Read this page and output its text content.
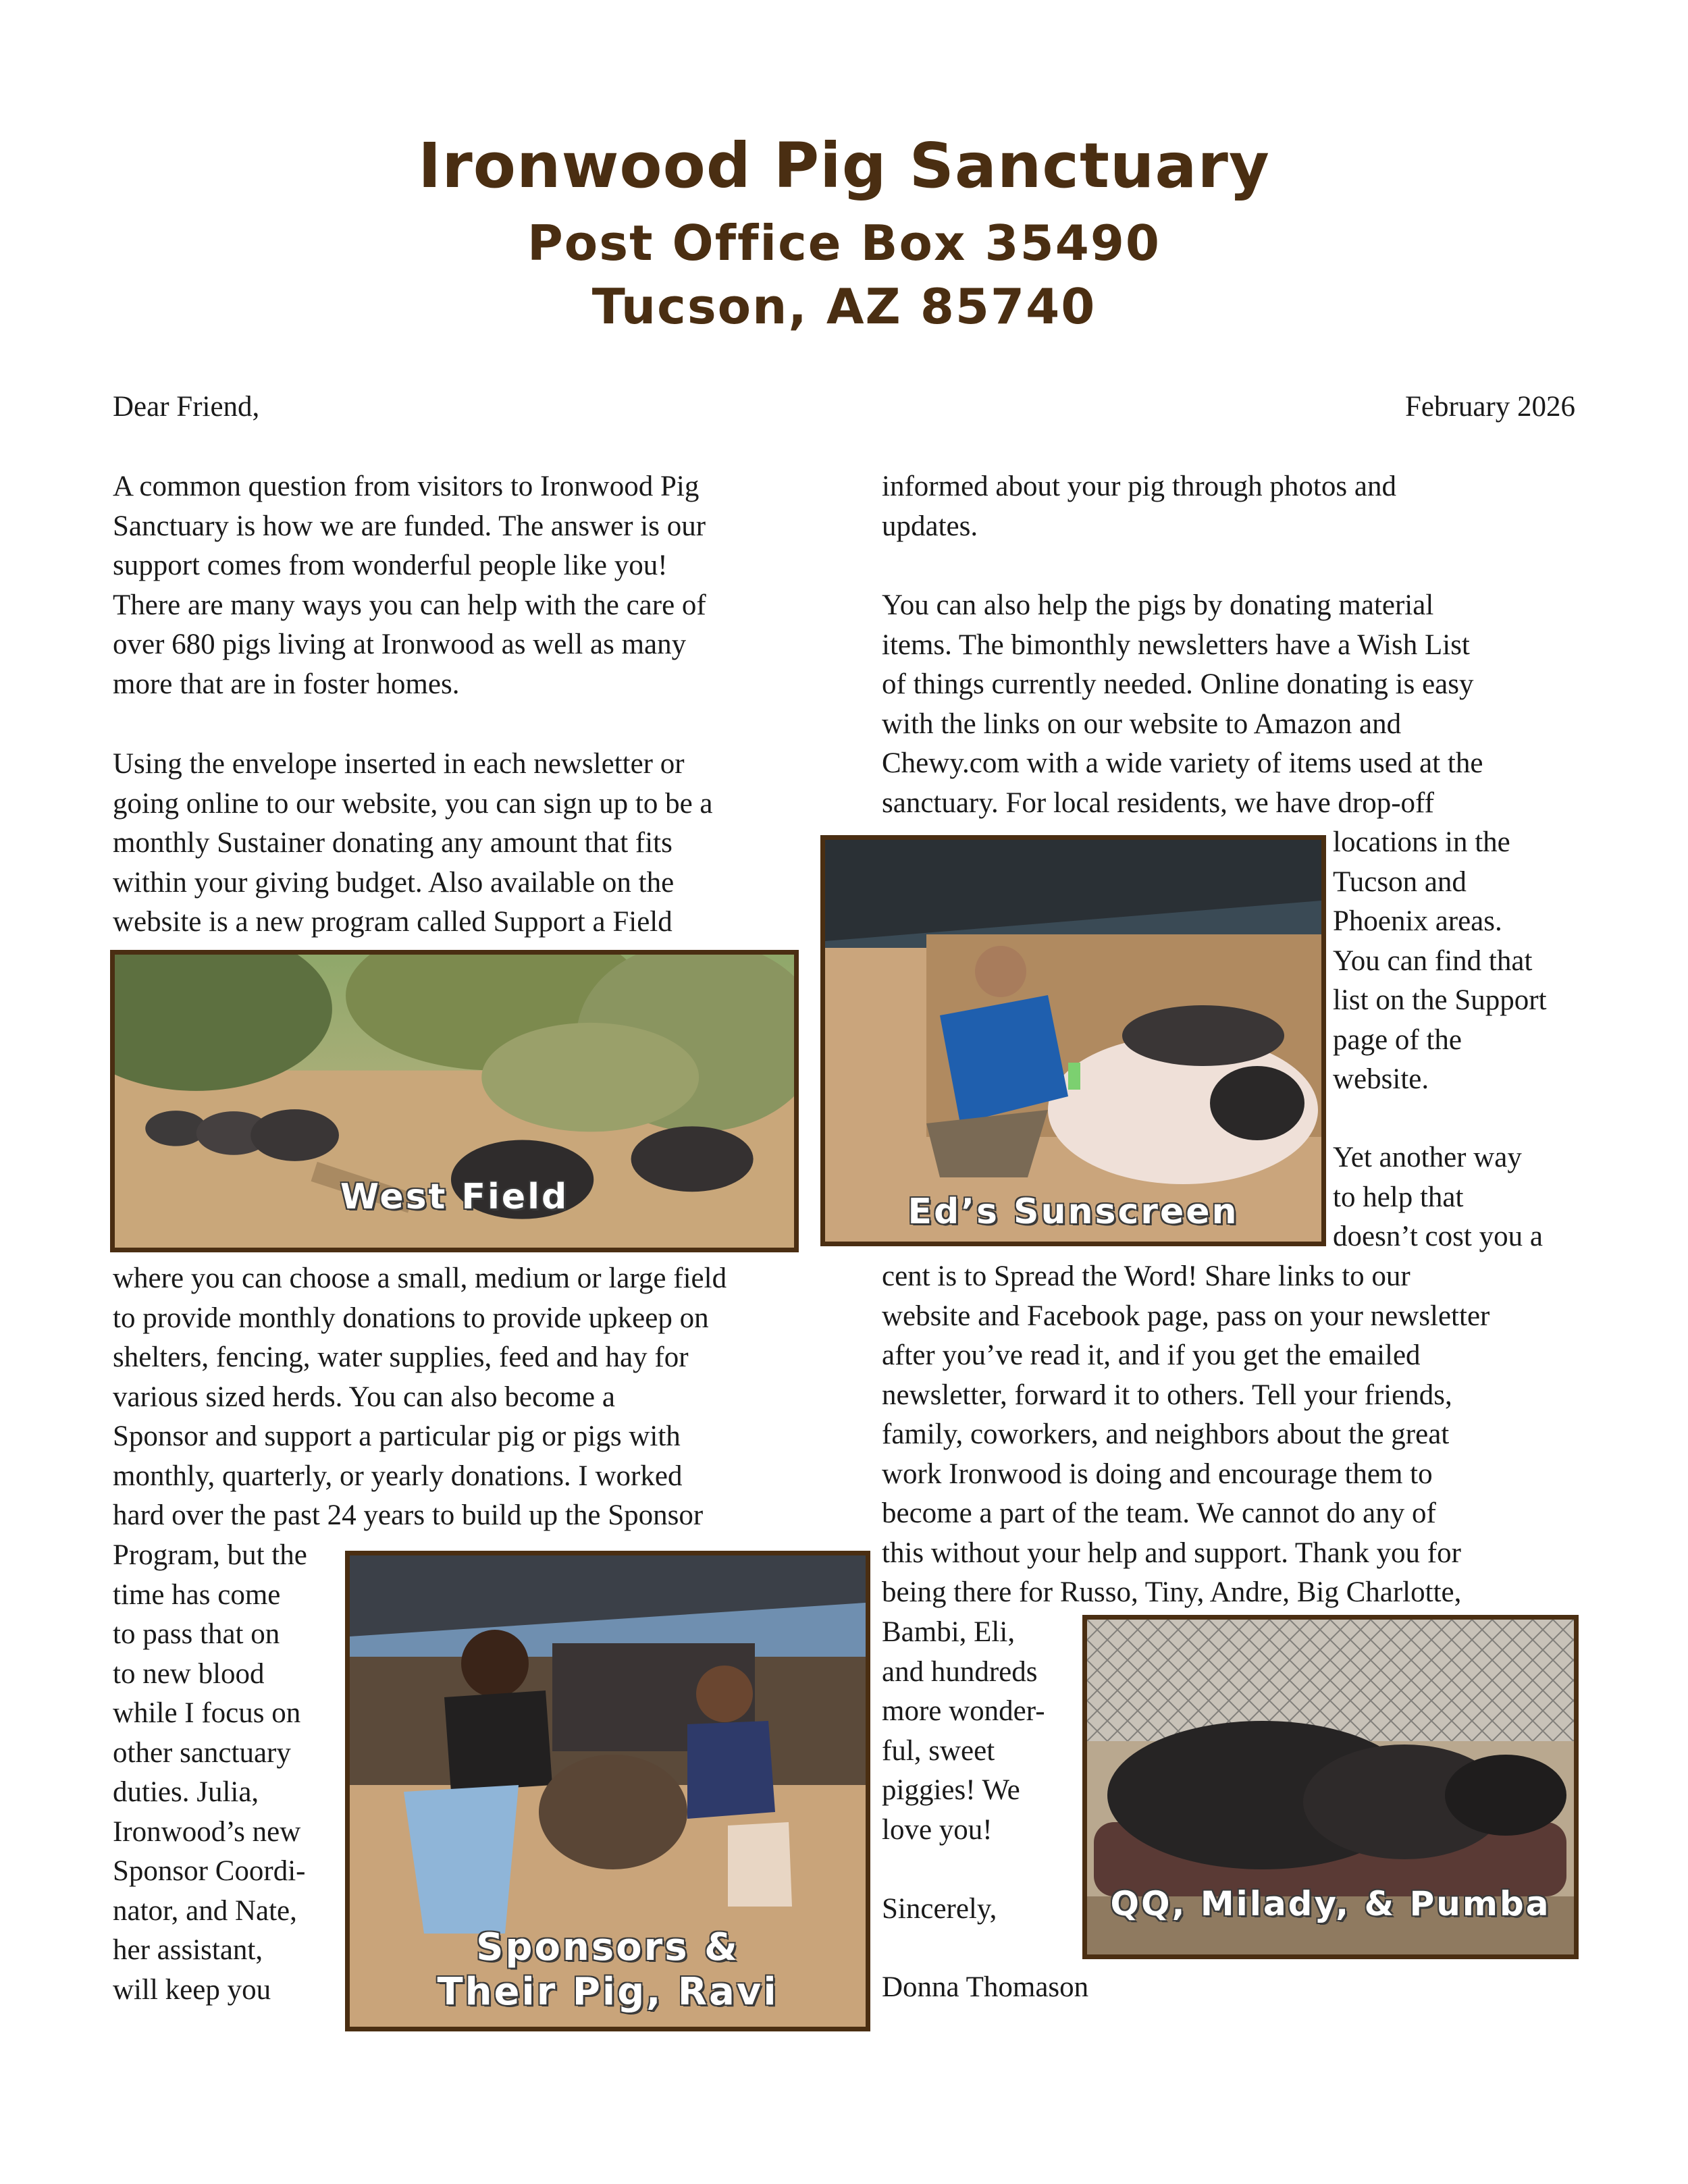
Ironwood Pig Sanctuary
Post Office Box 35490
Tucson, AZ 85740
Dear Friend,	February 2026
A common question from visitors to Ironwood Pig
Sanctuary is how we are funded. The answer is our
support comes from wonderful people like you!
There are many ways you can help with the care of
over 680 pigs living at Ironwood as well as many
more that are in foster homes.
Using the envelope inserted in each newsletter or
going online to our website, you can sign up to be a
monthly Sustainer donating any amount that fits
within your giving budget. Also available on the
website is a new program called Support a Field
where you can choose a small, medium or large field
to provide monthly donations to provide upkeep on
shelters, fencing, water supplies, feed and hay for
various sized herds. You can also become a
Sponsor and support a particular pig or pigs with
monthly, quarterly, or yearly donations. I worked
hard over the past 24 years to build up the Sponsor
Program, but the
time has come
to pass that on
to new blood
while I focus on
other sanctuary
duties. Julia,
Ironwood’s new
Sponsor Coordi-
nator, and Nate,
her assistant,
will keep you
informed about your pig through photos and
updates.
You can also help the pigs by donating material
items. The bimonthly newsletters have a Wish List
of things currently needed. Online donating is easy
with the links on our website to Amazon and
Chewy.com with a wide variety of items used at the
sanctuary. For local residents, we have drop-off
locations in the
Tucson and
Phoenix areas.
You can find that
list on the Support
page of the
website.
Yet another way
to help that
doesn’t cost you a
cent is to Spread the Word! Share links to our
website and Facebook page, pass on your newsletter
after you’ve read it, and if you get the emailed
newsletter, forward it to others. Tell your friends,
family, coworkers, and neighbors about the great
work Ironwood is doing and encourage them to
become a part of the team. We cannot do any of
this without your help and support. Thank you for
being there for Russo, Tiny, Andre, Big Charlotte,
Bambi, Eli,
and hundreds
more wonder-
ful, sweet
piggies! We
love you!
Sincerely,
Donna Thomason
West Field	Ed’s Sunscreen
Sponsors &
Their Pig, Ravi
QQ, Milady, & Pumba
